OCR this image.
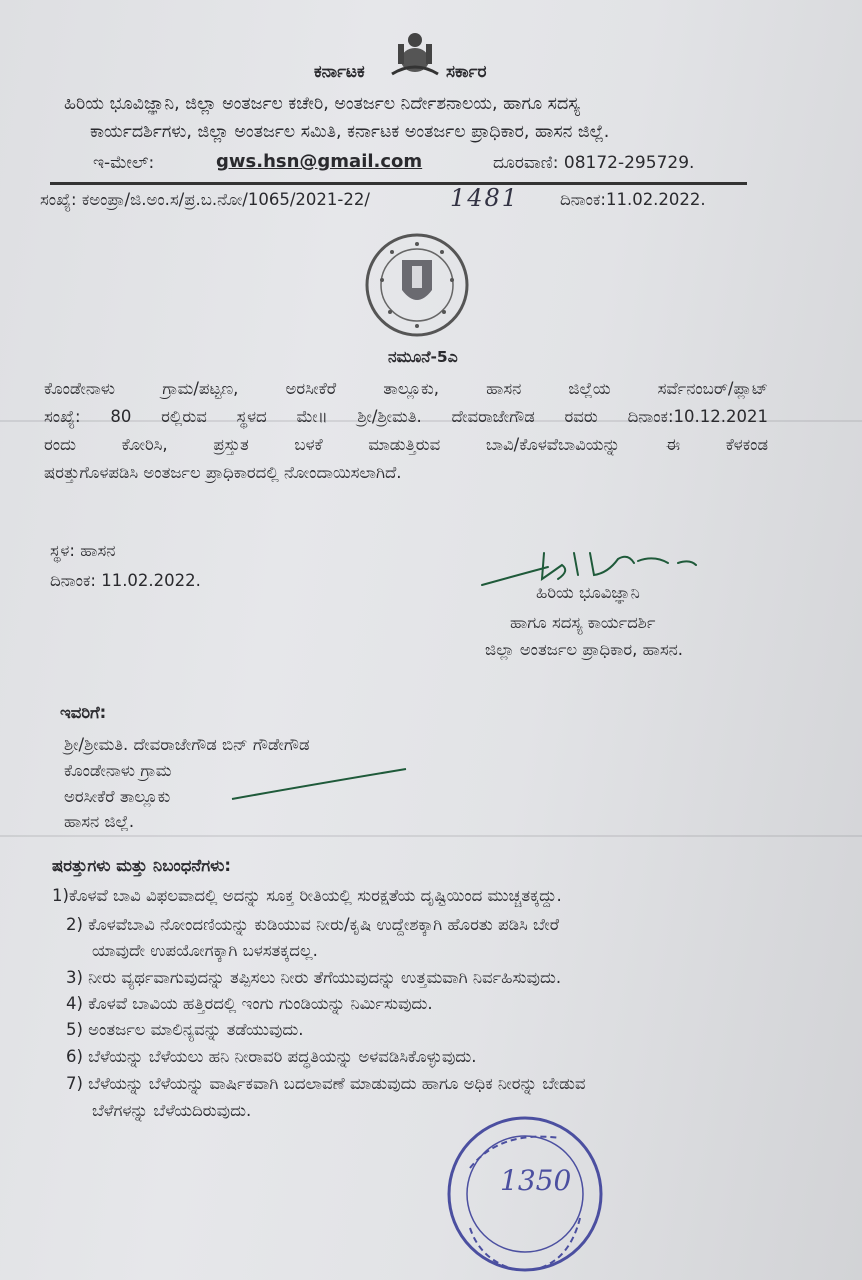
ಕರ್ನಾಟಕ	ಸರ್ಕಾರ
ಹಿರಿಯ ಭೂವಿಜ್ಞಾನಿ, ಜಿಲ್ಲಾ ಅಂತರ್ಜಲ ಕಚೇರಿ, ಅಂತರ್ಜಲ ನಿರ್ದೇಶನಾಲಯ, ಹಾಗೂ ಸದಸ್ಯ
ಕಾರ್ಯದರ್ಶಿಗಳು, ಜಿಲ್ಲಾ ಅಂತರ್ಜಲ ಸಮಿತಿ, ಕರ್ನಾಟಕ ಅಂತರ್ಜಲ ಪ್ರಾಧಿಕಾರ, ಹಾಸನ ಜಿಲ್ಲೆ.
ಇ-ಮೇಲ್:	gws.hsn@gmail.com	ದೂರವಾಣಿ: 08172-295729.
ಸಂಖ್ಯೆ: ಕಅಂಪ್ರಾ/ಜಿ.ಅಂ.ಸ/ಪ್ರ.ಬ.ನೋ/1065/2021-22/	1481 ದಿನಾಂಕ:11.02.2022.
ನಮೂನೆ-5ಎ
ಕೊಂಡೇನಾಳು ಗ್ರಾಮ/ಪಟ್ಟಣ, ಅರಸೀಕೆರೆ ತಾಲ್ಲೂಕು, ಹಾಸನ ಜಿಲ್ಲೆಯ ಸರ್ವೆನಂಬರ್/ಪ್ಲಾಟ್
ಸಂಖ್ಯೆ: 80 ರಲ್ಲಿರುವ ಸ್ಥಳದ ಮೇ॥ ಶ್ರೀ/ಶ್ರೀಮತಿ. ದೇವರಾಜೇಗೌಡ ರವರು ದಿನಾಂಕ:10.12.2021
ರಂದು ಕೋರಿಸಿ, ಪ್ರಸ್ತುತ ಬಳಕೆ ಮಾಡುತ್ತಿರುವ ಬಾವಿ/ಕೊಳವೆಬಾವಿಯನ್ನು ಈ ಕೆಳಕಂಡ
ಷರತ್ತುಗೊಳಪಡಿಸಿ ಅಂತರ್ಜಲ ಪ್ರಾಧಿಕಾರದಲ್ಲಿ ನೋಂದಾಯಿಸಲಾಗಿದೆ.
ಸ್ಥಳ: ಹಾಸನ
ದಿನಾಂಕ: 11.02.2022.
ಹಿರಿಯ ಭೂವಿಜ್ಞಾನಿ
ಹಾಗೂ ಸದಸ್ಯ ಕಾರ್ಯದರ್ಶಿ
ಜಿಲ್ಲಾ ಅಂತರ್ಜಲ ಪ್ರಾಧಿಕಾರ, ಹಾಸನ.
ಇವರಿಗೆ:
ಶ್ರೀ/ಶ್ರೀಮತಿ. ದೇವರಾಜೇಗೌಡ ಬಿನ್ ಗೌಡೇಗೌಡ
ಕೊಂಡೇನಾಳು ಗ್ರಾಮ
ಅರಸೀಕೆರೆ ತಾಲ್ಲೂಕು
ಹಾಸನ ಜಿಲ್ಲೆ.
ಷರತ್ತುಗಳು ಮತ್ತು ನಿಬಂಧನೆಗಳು:
1)ಕೊಳವೆ ಬಾವಿ ವಿಫಲವಾದಲ್ಲಿ ಅದನ್ನು ಸೂಕ್ತ ರೀತಿಯಲ್ಲಿ ಸುರಕ್ಷತೆಯ ದೃಷ್ಟಿಯಿಂದ ಮುಚ್ಚತಕ್ಕದ್ದು.
2) ಕೊಳವೆಬಾವಿ ನೋಂದಣಿಯನ್ನು ಕುಡಿಯುವ ನೀರು/ಕೃಷಿ ಉದ್ದೇಶಕ್ಕಾಗಿ ಹೊರತು ಪಡಿಸಿ ಬೇರೆ
ಯಾವುದೇ ಉಪಯೋಗಕ್ಕಾಗಿ ಬಳಸತಕ್ಕದಲ್ಲ.
3) ನೀರು ವ್ಯರ್ಥವಾಗುವುದನ್ನು ತಪ್ಪಿಸಲು ನೀರು ತೆಗೆಯುವುದನ್ನು ಉತ್ತಮವಾಗಿ ನಿರ್ವಹಿಸುವುದು.
4) ಕೊಳವೆ ಬಾವಿಯ ಹತ್ತಿರದಲ್ಲಿ ಇಂಗು ಗುಂಡಿಯನ್ನು ನಿರ್ಮಿಸುವುದು.
5) ಅಂತರ್ಜಲ ಮಾಲಿನ್ಯವನ್ನು ತಡೆಯುವುದು.
6) ಬೆಳೆಯನ್ನು ಬೆಳೆಯಲು ಹನಿ ನೀರಾವರಿ ಪದ್ಧತಿಯನ್ನು ಅಳವಡಿಸಿಕೊಳ್ಳುವುದು.
7) ಬೆಳೆಯನ್ನು ಬೆಳೆಯನ್ನು ವಾರ್ಷಿಕವಾಗಿ ಬದಲಾವಣೆ ಮಾಡುವುದು ಹಾಗೂ ಅಧಿಕ ನೀರನ್ನು ಬೇಡುವ
ಬೆಳೆಗಳನ್ನು ಬೆಳೆಯದಿರುವುದು.
1350
